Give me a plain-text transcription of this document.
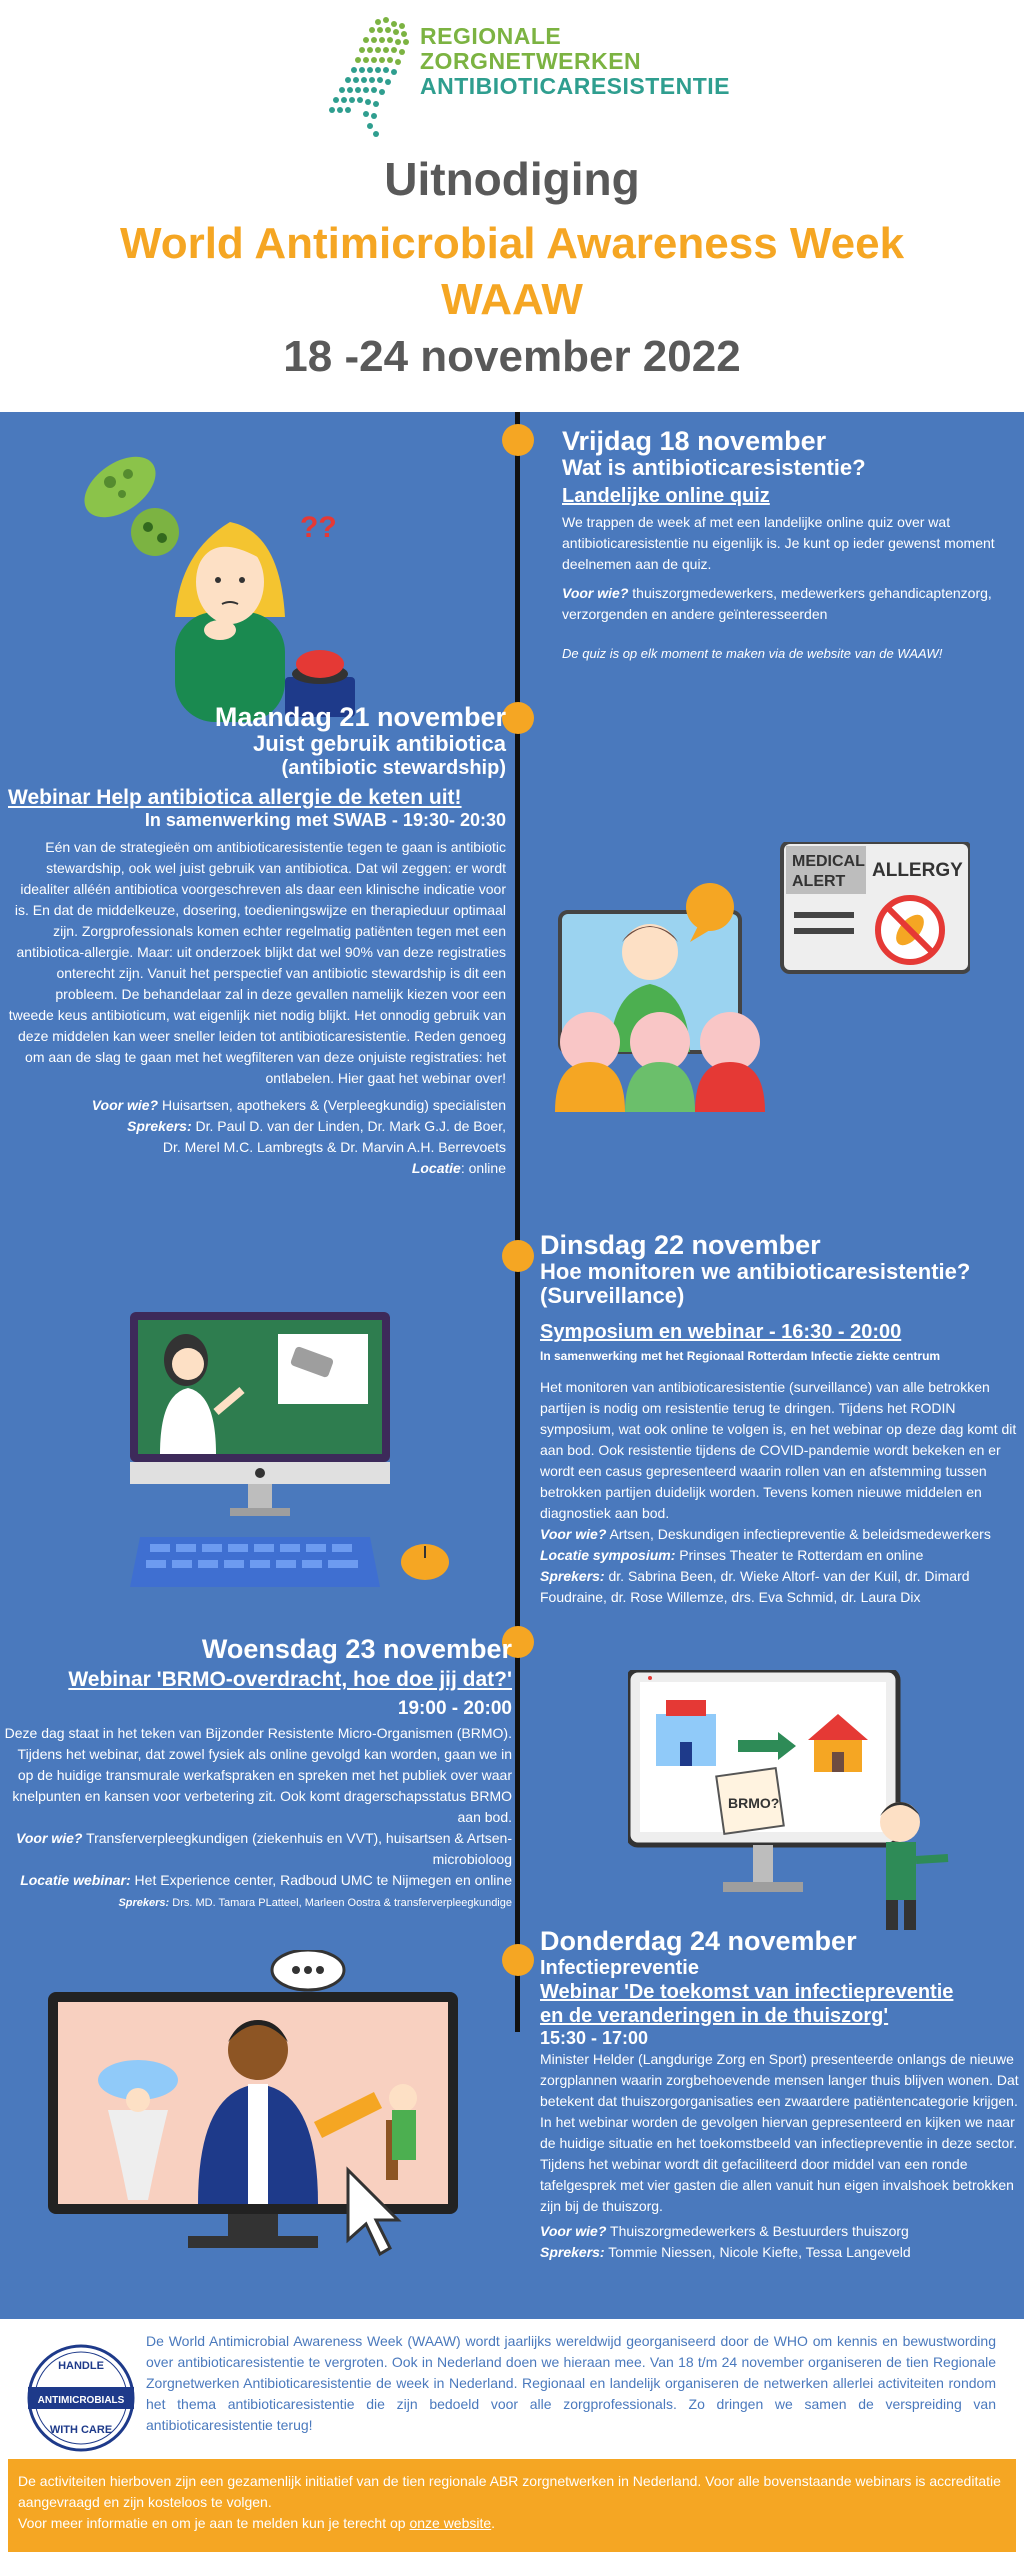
REGIONALE
ZORGNETWERKEN
ANTIBIOTICARESISTENTIE
Uitnodiging
World Antimicrobial Awareness Week
WAAW
18 -24 november 2022
??
Vrijdag 18 november
Wat is antibioticaresistentie?
Landelijke online quiz
We trappen de week af met een landelijke online quiz over wat antibioticaresistentie nu eigenlijk is. Je kunt op ieder gewenst moment deelnemen aan de quiz.
Voor wie? thuiszorgmedewerkers, medewerkers gehandicaptenzorg, verzorgenden en andere geïnteresseerden
De quiz is op elk moment te maken via de website van de WAAW!
Maandag 21 november
Juist gebruik antibiotica
(antibiotic stewardship)
Webinar Help antibiotica allergie de keten uit!
In samenwerking met SWAB - 19:30- 20:30
Eén van de strategieën om antibioticaresistentie tegen te gaan is antibiotic stewardship, ook wel juist gebruik van antibiotica. Dat wil zeggen: er wordt idealiter alléén antibiotica voorgeschreven als daar een klinische indicatie voor is. En dat de middelkeuze, dosering, toedieningswijze en therapieduur optimaal zijn. Zorgprofessionals komen echter regelmatig patiënten tegen met een antibiotica-allergie. Maar: uit onderzoek blijkt dat wel 90% van deze registraties onterecht zijn. Vanuit het perspectief van antibiotic stewardship is dit een probleem. De behandelaar zal in deze gevallen namelijk kiezen voor een tweede keus antibioticum, wat eigenlijk niet nodig blijkt. Het onnodig gebruik van deze middelen kan weer sneller leiden tot antibioticaresistentie. Reden genoeg om aan de slag te gaan met het wegfilteren van deze onjuiste registraties: het ontlabelen. Hier gaat het webinar over!
Voor wie? Huisartsen, apothekers & (Verpleegkundig) specialisten
Sprekers: Dr. Paul D. van der Linden, Dr. Mark G.J. de Boer,
Dr. Merel M.C. Lambregts & Dr. Marvin A.H. Berrevoets
Locatie: online
MEDICAL
ALERT
ALLERGY
Dinsdag 22 november
Hoe monitoren we antibioticaresistentie?
(Surveillance)
Symposium en webinar - 16:30 - 20:00
In samenwerking met het Regionaal Rotterdam Infectie ziekte centrum
Het monitoren van antibioticaresistentie (surveillance) van alle betrokken partijen is nodig om resistentie terug te dringen. Tijdens het RODIN symposium, wat ook online te volgen is, en het webinar op deze dag komt dit aan bod. Ook resistentie tijdens de COVID-pandemie wordt bekeken en er wordt een casus gepresenteerd waarin rollen van en afstemming tussen betrokken partijen duidelijk worden. Tevens komen nieuwe middelen en diagnostiek aan bod.
Voor wie? Artsen, Deskundigen infectiepreventie & beleidsmedewerkers
Locatie symposium: Prinses Theater te Rotterdam en online
Sprekers: dr. Sabrina Been, dr. Wieke Altorf- van der Kuil, dr. Dimard Foudraine, dr. Rose Willemze, drs. Eva Schmid, dr. Laura Dix
Woensdag 23 november
Webinar 'BRMO-overdracht, hoe doe jij dat?'
19:00 - 20:00
Deze dag staat in het teken van Bijzonder Resistente Micro-Organismen (BRMO). Tijdens het webinar, dat zowel fysiek als online gevolgd kan worden, gaan we in op de huidige transmurale werkafspraken en spreken met het publiek over waar knelpunten en kansen voor verbetering zit. Ook komt dragerschapsstatus BRMO aan bod.
Voor wie? Transferverpleegkundigen (ziekenhuis en VVT), huisartsen & Artsen-microbioloog
Locatie webinar: Het Experience center, Radboud UMC te Nijmegen en online
Sprekers: Drs. MD. Tamara PLatteel, Marleen Oostra & transferverpleegkundige
BRMO?
Donderdag 24 november
Infectiepreventie
Webinar 'De toekomst van infectiepreventie
en de veranderingen in de thuiszorg'
15:30 - 17:00
Minister Helder (Langdurige Zorg en Sport) presenteerde onlangs de nieuwe zorgplannen waarin zorgbehoevende mensen langer thuis blijven wonen. Dat betekent dat thuiszorgorganisaties een zwaardere patiëntencategorie krijgen. In het webinar worden de gevolgen hiervan gepresenteerd en kijken we naar de huidige situatie en het toekomstbeeld van infectiepreventie in deze sector. Tijdens het webinar wordt dit gefaciliteerd door middel van een ronde tafelgesprek met vier gasten die allen vanuit hun eigen invalshoek betrokken zijn bij de thuiszorg.
Voor wie? Thuiszorgmedewerkers & Bestuurders thuiszorg
Sprekers: Tommie Niessen, Nicole Kiefte, Tessa Langeveld
HANDLE
ANTIMICROBIALS
WITH CARE
De World Antimicrobial Awareness Week (WAAW) wordt jaarlijks wereldwijd georganiseerd door de WHO om kennis en bewustwording over antibioticaresistentie te vergroten. Ook in Nederland doen we hieraan mee. Van 18 t/m 24 november organiseren de tien Regionale Zorgnetwerken Antibioticaresistentie de week in Nederland. Regionaal en landelijk organiseren de netwerken allerlei activiteiten rondom het thema antibioticaresistentie die zijn bedoeld voor alle zorgprofessionals. Zo dringen we samen de verspreiding van antibioticaresistentie terug!
De activiteiten hierboven zijn een gezamenlijk initiatief van de tien regionale ABR zorgnetwerken in Nederland. Voor alle bovenstaande webinars is accreditatie aangevraagd en zijn kosteloos te volgen.
Voor meer informatie en om je aan te melden kun je terecht op onze website.
